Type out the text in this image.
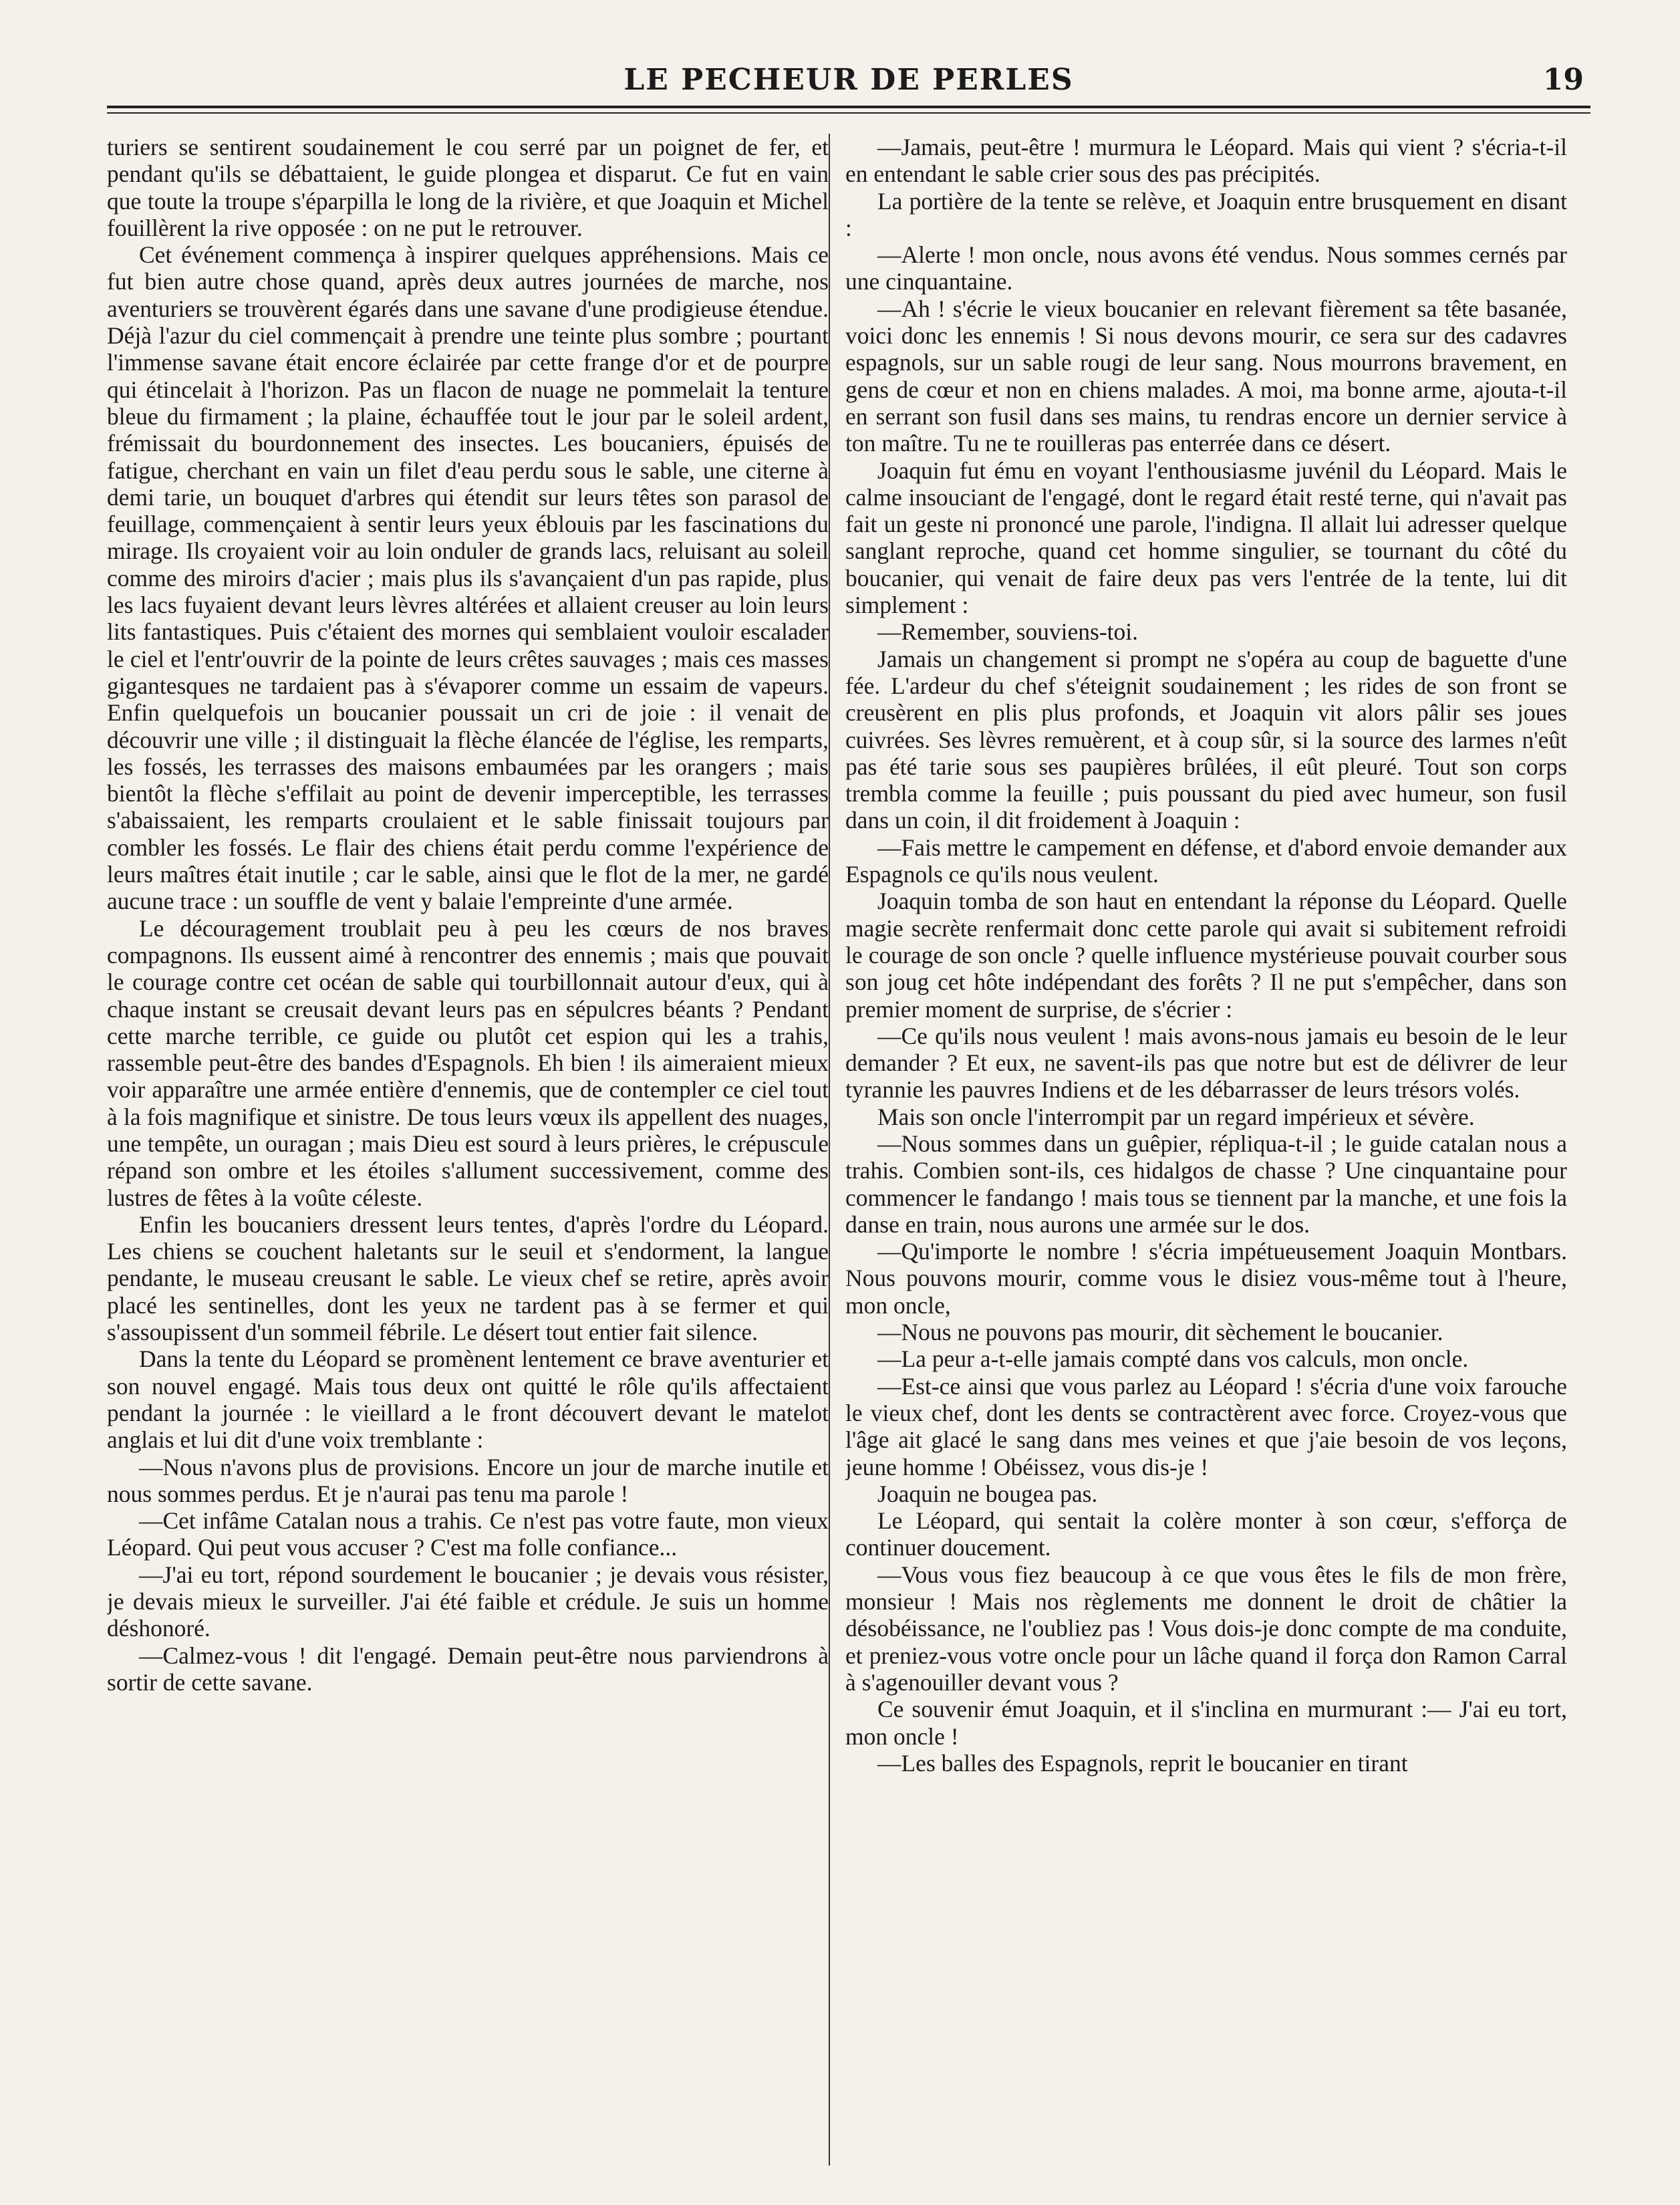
LE PECHEUR DE PERLES	19

turiers se sentirent soudainement le cou serré par un poignet de fer, et pendant qu'ils se débattaient, le guide plongea et disparut. Ce fut en vain que toute la troupe s'éparpilla le long de la rivière, et que Joaquin et Michel fouillèrent la rive opposée : on ne put le retrouver.

Cet événement commença à inspirer quelques appréhensions. Mais ce fut bien autre chose quand, après deux autres journées de marche, nos aventuriers se trouvèrent égarés dans une savane d'une prodigieuse étendue. Déjà l'azur du ciel commençait à prendre une teinte plus sombre ; pourtant l'immense savane était encore éclairée par cette frange d'or et de pourpre qui étincelait à l'horizon. Pas un flacon de nuage ne pommelait la tenture bleue du firmament ; la plaine, échauffée tout le jour par le soleil ardent, frémissait du bourdonnement des insectes. Les boucaniers, épuisés de fatigue, cherchant en vain un filet d'eau perdu sous le sable, une citerne à demi tarie, un bouquet d'arbres qui étendit sur leurs têtes son parasol de feuillage, commençaient à sentir leurs yeux éblouis par les fascinations du mirage. Ils croyaient voir au loin onduler de grands lacs, reluisant au soleil comme des miroirs d'acier ; mais plus ils s'avançaient d'un pas rapide, plus les lacs fuyaient devant leurs lèvres altérées et allaient creuser au loin leurs lits fantastiques. Puis c'étaient des mornes qui semblaient vouloir escalader le ciel et l'entr'ouvrir de la pointe de leurs crêtes sauvages ; mais ces masses gigantesques ne tardaient pas à s'évaporer comme un essaim de vapeurs. Enfin quelquefois un boucanier poussait un cri de joie : il venait de découvrir une ville ; il distinguait la flèche élancée de l'église, les remparts, les fossés, les terrasses des maisons embaumées par les orangers ; mais bientôt la flèche s'effilait au point de devenir imperceptible, les terrasses s'abaissaient, les remparts croulaient et le sable finissait toujours par combler les fossés. Le flair des chiens était perdu comme l'expérience de leurs maîtres était inutile ; car le sable, ainsi que le flot de la mer, ne gardé aucune trace : un souffle de vent y balaie l'empreinte d'une armée.

Le découragement troublait peu à peu les cœurs de nos braves compagnons. Ils eussent aimé à rencontrer des ennemis ; mais que pouvait le courage contre cet océan de sable qui tourbillonnait autour d'eux, qui à chaque instant se creusait devant leurs pas en sépulcres béants ? Pendant cette marche terrible, ce guide ou plutôt cet espion qui les a trahis, rassemble peut-être des bandes d'Espagnols. Eh bien ! ils aimeraient mieux voir apparaître une armée entière d'ennemis, que de contempler ce ciel tout à la fois magnifique et sinistre. De tous leurs vœux ils appellent des nuages, une tempête, un ouragan ; mais Dieu est sourd à leurs prières, le crépuscule répand son ombre et les étoiles s'allument successivement, comme des lustres de fêtes à la voûte céleste.

Enfin les boucaniers dressent leurs tentes, d'après l'ordre du Léopard. Les chiens se couchent haletants sur le seuil et s'endorment, la langue pendante, le museau creusant le sable. Le vieux chef se retire, après avoir placé les sentinelles, dont les yeux ne tardent pas à se fermer et qui s'assoupissent d'un sommeil fébrile. Le désert tout entier fait silence.

Dans la tente du Léopard se promènent lentement ce brave aventurier et son nouvel engagé. Mais tous deux ont quitté le rôle qu'ils affectaient pendant la journée : le vieillard a le front découvert devant le matelot anglais et lui dit d'une voix tremblante :

—Nous n'avons plus de provisions. Encore un jour de marche inutile et nous sommes perdus. Et je n'aurai pas tenu ma parole !

—Cet infâme Catalan nous a trahis. Ce n'est pas votre faute, mon vieux Léopard. Qui peut vous accuser ? C'est ma folle confiance...

—J'ai eu tort, répond sourdement le boucanier ; je devais vous résister, je devais mieux le surveiller. J'ai été faible et crédule. Je suis un homme déshonoré.

—Calmez-vous ! dit l'engagé. Demain peut-être nous parviendrons à sortir de cette savane.

—Jamais, peut-être ! murmura le Léopard. Mais qui vient ? s'écria-t-il en entendant le sable crier sous des pas précipités.

La portière de la tente se relève, et Joaquin entre brusquement en disant :

—Alerte ! mon oncle, nous avons été vendus. Nous sommes cernés par une cinquantaine.

—Ah ! s'écrie le vieux boucanier en relevant fièrement sa tête basanée, voici donc les ennemis ! Si nous devons mourir, ce sera sur des cadavres espagnols, sur un sable rougi de leur sang. Nous mourrons bravement, en gens de cœur et non en chiens malades. A moi, ma bonne arme, ajouta-t-il en serrant son fusil dans ses mains, tu rendras encore un dernier service à ton maître. Tu ne te rouilleras pas enterrée dans ce désert.

Joaquin fut ému en voyant l'enthousiasme juvénil du Léopard. Mais le calme insouciant de l'engagé, dont le regard était resté terne, qui n'avait pas fait un geste ni prononcé une parole, l'indigna. Il allait lui adresser quelque sanglant reproche, quand cet homme singulier, se tournant du côté du boucanier, qui venait de faire deux pas vers l'entrée de la tente, lui dit simplement :

—Remember, souviens-toi.

Jamais un changement si prompt ne s'opéra au coup de baguette d'une fée. L'ardeur du chef s'éteignit soudainement ; les rides de son front se creusèrent en plis plus profonds, et Joaquin vit alors pâlir ses joues cuivrées. Ses lèvres remuèrent, et à coup sûr, si la source des larmes n'eût pas été tarie sous ses paupières brûlées, il eût pleuré. Tout son corps trembla comme la feuille ; puis poussant du pied avec humeur, son fusil dans un coin, il dit froidement à Joaquin :

—Fais mettre le campement en défense, et d'abord envoie demander aux Espagnols ce qu'ils nous veulent.

Joaquin tomba de son haut en entendant la réponse du Léopard. Quelle magie secrète renfermait donc cette parole qui avait si subitement refroidi le courage de son oncle ? quelle influence mystérieuse pouvait courber sous son joug cet hôte indépendant des forêts ? Il ne put s'empêcher, dans son premier moment de surprise, de s'écrier :

—Ce qu'ils nous veulent ! mais avons-nous jamais eu besoin de le leur demander ? Et eux, ne savent-ils pas que notre but est de délivrer de leur tyrannie les pauvres Indiens et de les débarrasser de leurs trésors volés.

Mais son oncle l'interrompit par un regard impérieux et sévère.

—Nous sommes dans un guêpier, répliqua-t-il ; le guide catalan nous a trahis. Combien sont-ils, ces hidalgos de chasse ? Une cinquantaine pour commencer le fandango ! mais tous se tiennent par la manche, et une fois la danse en train, nous aurons une armée sur le dos.

—Qu'importe le nombre ! s'écria impétueusement Joaquin Montbars. Nous pouvons mourir, comme vous le disiez vous-même tout à l'heure, mon oncle,

—Nous ne pouvons pas mourir, dit sèchement le boucanier.

—La peur a-t-elle jamais compté dans vos calculs, mon oncle.

—Est-ce ainsi que vous parlez au Léopard ! s'écria d'une voix farouche le vieux chef, dont les dents se contractèrent avec force. Croyez-vous que l'âge ait glacé le sang dans mes veines et que j'aie besoin de vos leçons, jeune homme ! Obéissez, vous dis-je !

Joaquin ne bougea pas.

Le Léopard, qui sentait la colère monter à son cœur, s'efforça de continuer doucement.

—Vous vous fiez beaucoup à ce que vous êtes le fils de mon frère, monsieur ! Mais nos règlements me donnent le droit de châtier la désobéissance, ne l'oubliez pas ! Vous dois-je donc compte de ma conduite, et preniez-vous votre oncle pour un lâche quand il força don Ramon Carral à s'agenouiller devant vous ?

Ce souvenir émut Joaquin, et il s'inclina en murmurant :— J'ai eu tort, mon oncle !

—Les balles des Espagnols, reprit le boucanier en tirant
